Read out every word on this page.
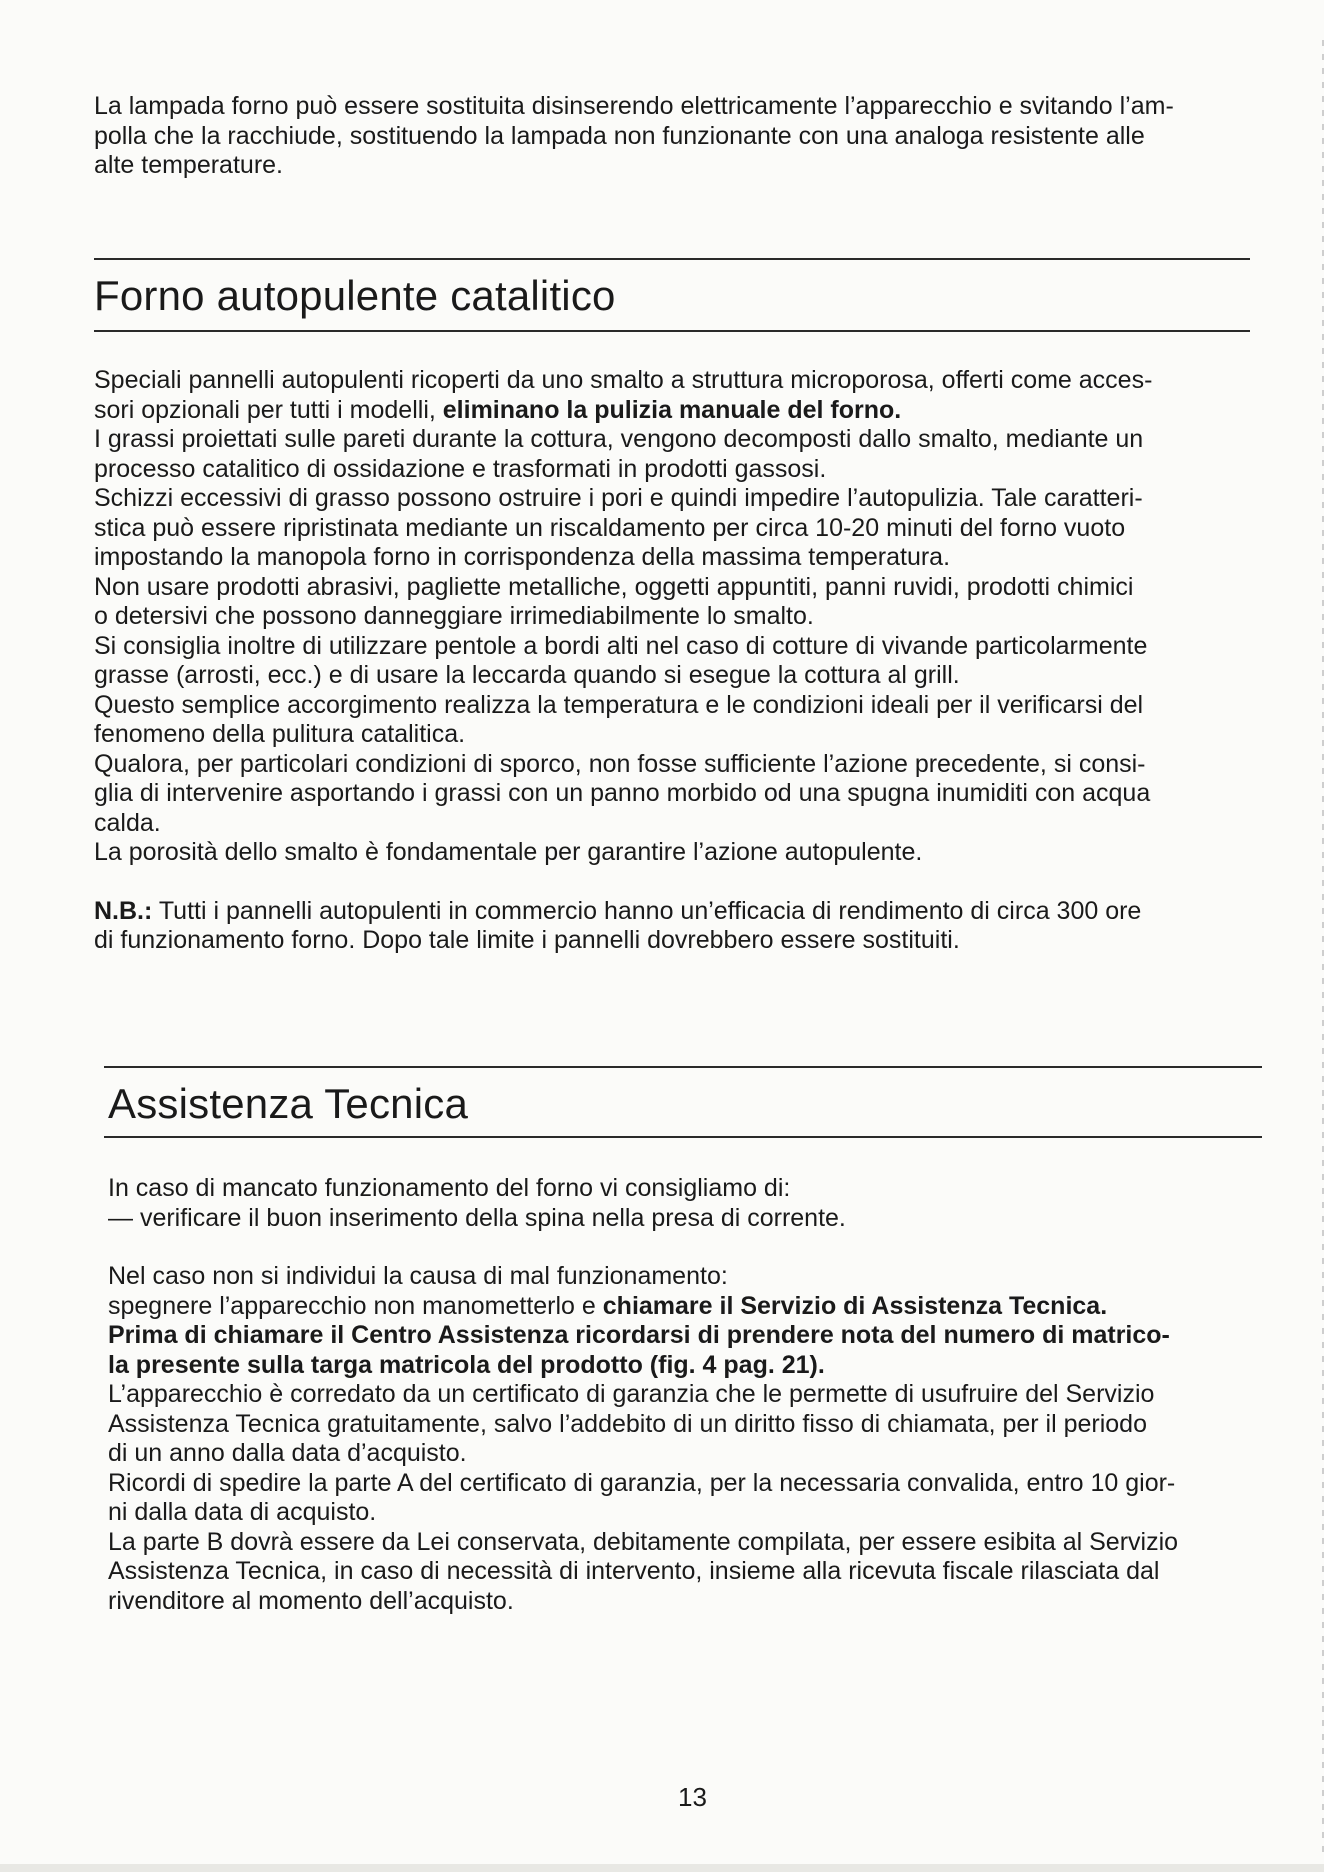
La lampada forno può essere sostituita disinserendo elettricamente l’apparecchio e svitando l’am-

polla che la racchiude, sostituendo la lampada non funzionante con una analoga resistente alle

alte temperature.

Forno autopulente catalitico

Speciali pannelli autopulenti ricoperti da uno smalto a struttura microporosa, offerti come acces-

sori opzionali per tutti i modelli, eliminano la pulizia manuale del forno.

I grassi proiettati sulle pareti durante la cottura, vengono decomposti dallo smalto, mediante un

processo catalitico di ossidazione e trasformati in prodotti gassosi.

Schizzi eccessivi di grasso possono ostruire i pori e quindi impedire l’autopulizia. Tale caratteri-

stica può essere ripristinata mediante un riscaldamento per circa 10-20 minuti del forno vuoto

impostando la manopola forno in corrispondenza della massima temperatura.

Non usare prodotti abrasivi, pagliette metalliche, oggetti appuntiti, panni ruvidi, prodotti chimici

o detersivi che possono danneggiare irrimediabilmente lo smalto.

Si consiglia inoltre di utilizzare pentole a bordi alti nel caso di cotture di vivande particolarmente

grasse (arrosti, ecc.) e di usare la leccarda quando si esegue la cottura al grill.

Questo semplice accorgimento realizza la temperatura e le condizioni ideali per il verificarsi del

fenomeno della pulitura catalitica.

Qualora, per particolari condizioni di sporco, non fosse sufficiente l’azione precedente, si consi-

glia di intervenire asportando i grassi con un panno morbido od una spugna inumiditi con acqua

calda.

La porosità dello smalto è fondamentale per garantire l’azione autopulente.

N.B.: Tutti i pannelli autopulenti in commercio hanno un’efficacia di rendimento di circa 300 ore

di funzionamento forno. Dopo tale limite i pannelli dovrebbero essere sostituiti.

Assistenza Tecnica

In caso di mancato funzionamento del forno vi consigliamo di:

— verificare il buon inserimento della spina nella presa di corrente.

Nel caso non si individui la causa di mal funzionamento:

spegnere l’apparecchio non manometterlo e chiamare il Servizio di Assistenza Tecnica.

Prima di chiamare il Centro Assistenza ricordarsi di prendere nota del numero di matrico-

la presente sulla targa matricola del prodotto (fig. 4 pag. 21).

L’apparecchio è corredato da un certificato di garanzia che le permette di usufruire del Servizio

Assistenza Tecnica gratuitamente, salvo l’addebito di un diritto fisso di chiamata, per il periodo

di un anno dalla data d’acquisto.

Ricordi di spedire la parte A del certificato di garanzia, per la necessaria convalida, entro 10 gior-

ni dalla data di acquisto.

La parte B dovrà essere da Lei conservata, debitamente compilata, per essere esibita al Servizio

Assistenza Tecnica, in caso di necessità di intervento, insieme alla ricevuta fiscale rilasciata dal

rivenditore al momento dell’acquisto.

13
